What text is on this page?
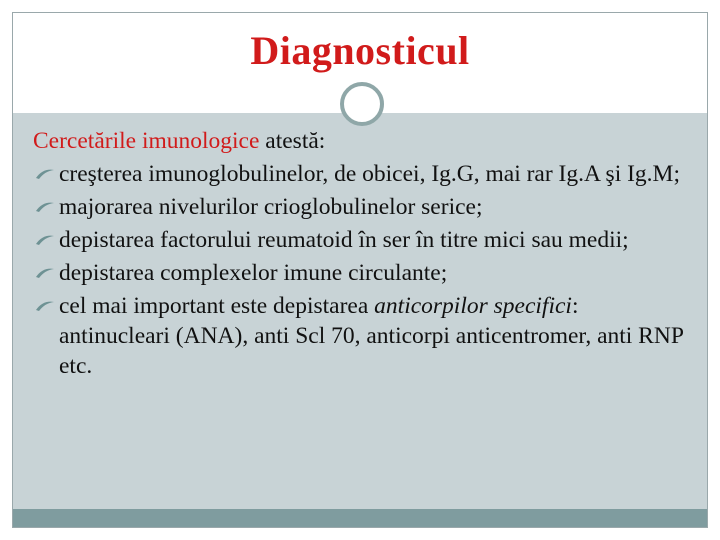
Diagnosticul
Cercetările imunologice atestă:
creşterea imunoglobulinelor, de obicei, Ig.G, mai rar Ig.A şi Ig.M;
majorarea nivelurilor crioglobulinelor serice;
depistarea factorului reumatoid în ser în titre mici sau medii;
depistarea complexelor imune circulante;
cel mai important este depistarea anticorpilor specifici: antinucleari (ANA), anti Scl 70, anticorpi anticentromer, anti RNP etc.
